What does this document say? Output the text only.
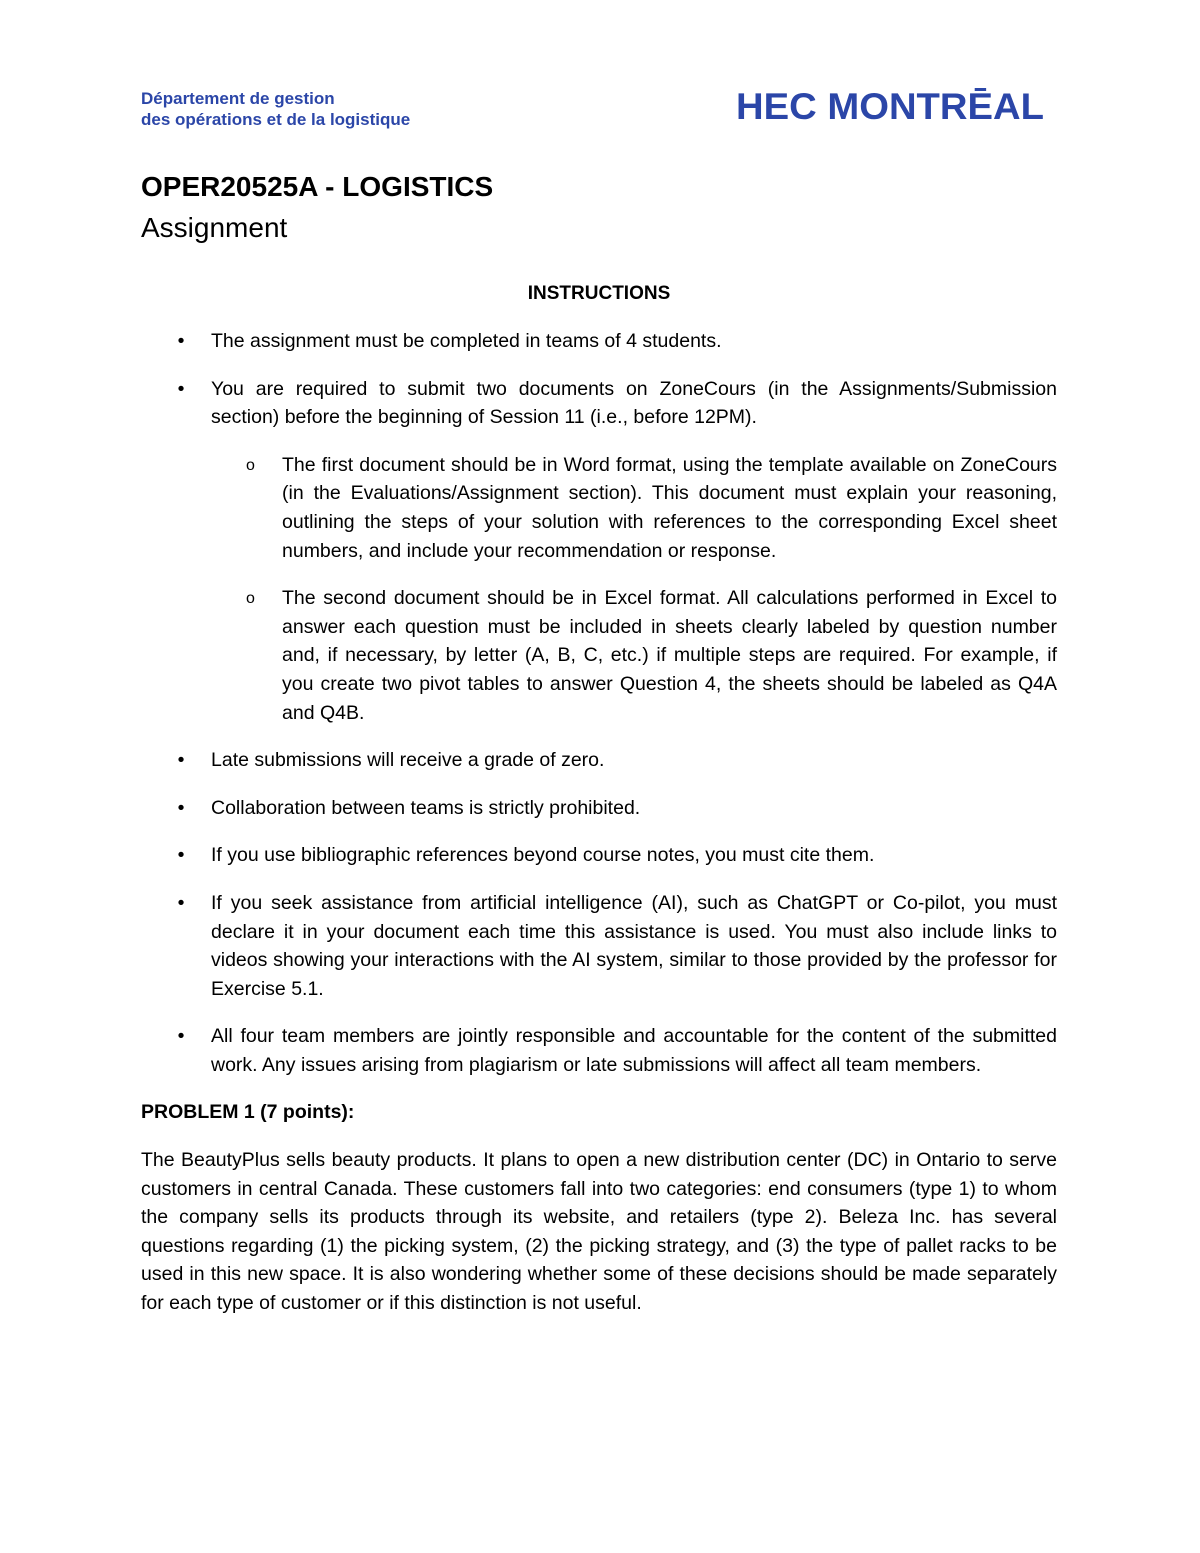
Département de gestion
des opérations et de la logistique	HEC MONTRĒAL
OPER20525A - LOGISTICS
Assignment
INSTRUCTIONS
• The assignment must be completed in teams of 4 students.
• You are required to submit two documents on ZoneCours (in the Assignments/Submission section) before the beginning of Session 11 (i.e., before 12PM).
o The first document should be in Word format, using the template available on ZoneCours (in the Evaluations/Assignment section). This document must explain your reasoning, outlining the steps of your solution with references to the corresponding Excel sheet numbers, and include your recommendation or response.
o The second document should be in Excel format. All calculations performed in Excel to answer each question must be included in sheets clearly labeled by question number and, if necessary, by letter (A, B, C, etc.) if multiple steps are required. For example, if you create two pivot tables to answer Question 4, the sheets should be labeled as Q4A and Q4B.
• Late submissions will receive a grade of zero.
• Collaboration between teams is strictly prohibited.
• If you use bibliographic references beyond course notes, you must cite them.
• If you seek assistance from artificial intelligence (AI), such as ChatGPT or Co-pilot, you must declare it in your document each time this assistance is used. You must also include links to videos showing your interactions with the AI system, similar to those provided by the professor for Exercise 5.1.
• All four team members are jointly responsible and accountable for the content of the submitted work. Any issues arising from plagiarism or late submissions will affect all team members.
PROBLEM 1 (7 points):

The BeautyPlus sells beauty products. It plans to open a new distribution center (DC) in Ontario to serve customers in central Canada. These customers fall into two categories: end consumers (type 1) to whom the company sells its products through its website, and retailers (type 2). Beleza Inc. has several questions regarding (1) the picking system, (2) the picking strategy, and (3) the type of pallet racks to be used in this new space. It is also wondering whether some of these decisions should be made separately for each type of customer or if this distinction is not useful.
